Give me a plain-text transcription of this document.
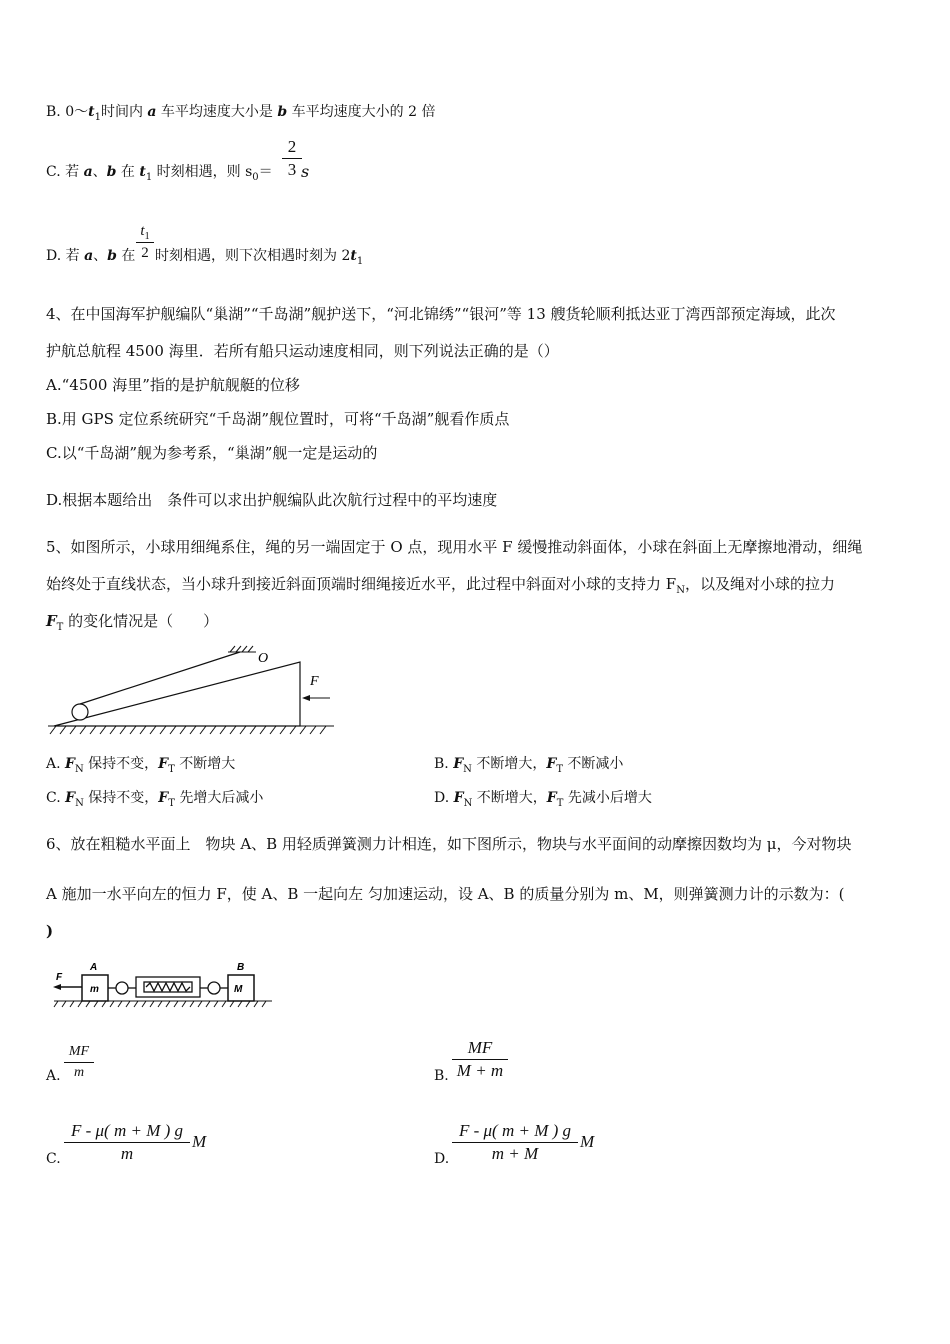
B. $0\sim t_1$时间内 a 车平均速度大小是 b 车平均速度大小的 2 倍
C. 若 a、b 在 $t_1$ 时刻相遇，则 $s_0=$
2
3 s
D. 若 a、b 在
$t_1$
2 时刻相遇，则下次相遇时刻为 $2t_1$
4、在中国海军护舰编队“巢湖”“千岛湖”舰护送下，“河北锦绣”“银河”等 13 艘货轮顺利抵达亚丁湾西部预定海域，此次
护航总航程 4500 海里．若所有船只运动速度相同，则下列说法正确的是（）
A.“4500 海里”指的是护航舰艇的位移
B.用 GPS 定位系统研究“千岛湖”舰位置时，可将“千岛湖”舰看作质点
C.以“千岛湖”舰为参考系，“巢湖”舰一定是运动的
D.根据本题给出　条件可以求出护舰编队此次航行过程中的平均速度
5、如图所示，小球用细绳系住，绳的另一端固定于 O 点，现用水平 F 缓慢推动斜面体，小球在斜面上无摩擦地滑动，细绳
始终处于直线状态，当小球升到接近斜面顶端时细绳接近水平，此过程中斜面对小球的支持力 $F_N$，以及绳对小球的拉力
$F_T$ 的变化情况是（　　）
O
F
A. $F_N$ 保持不变，$F_T$ 不断增大	B. $F_N$ 不断增大，$F_T$ 不断减小
C. $F_N$ 保持不变，$F_T$ 先增大后减小	D. $F_N$ 不断增大，$F_T$ 先减小后增大
6、放在粗糙水平面上　物块 A、B 用轻质弹簧测力计相连，如下图所示，物块与水平面间的动摩擦因数均为 μ，今对物块
A 施加一水平向左的恒力 F，使 A、B 一起向左 匀加速运动，设 A、B 的质量分别为 m、M，则弹簧测力计的示数为：(
)
A	B
m	M
F
A.
MF
m	B.
MF
M + m
C.
F - μ( m + M ) g
m
M
D.
F - μ( m + M ) g
m + M
M
